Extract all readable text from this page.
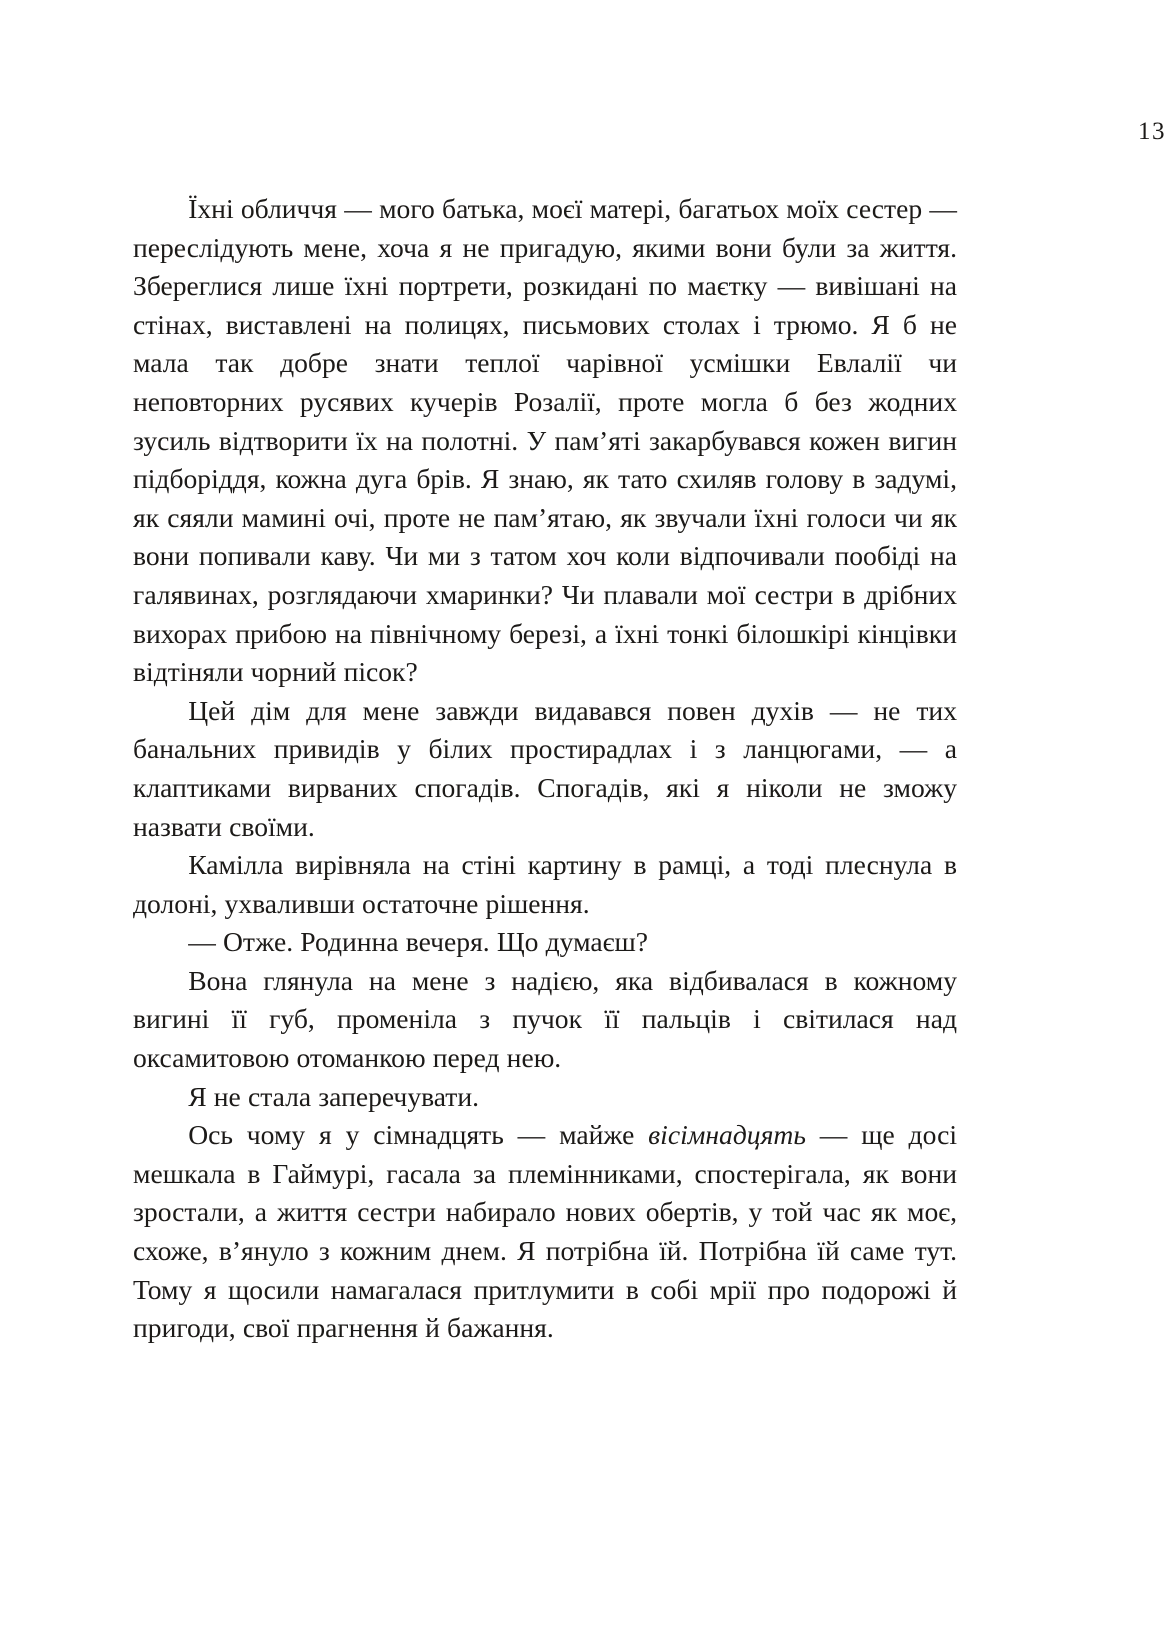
13

Їхні обличчя — мого батька, моєї матері, багатьох моїх сестер — переслідують мене, хоча я не пригадую, якими вони були за життя. Збереглися лише їхні портрети, розкидані по маєтку — вивішані на стінах, виставлені на полицях, письмових столах і трюмо. Я б не мала так добре знати теплої чарівної усмішки Евлалії чи неповторних русявих кучерів Розалії, проте могла б без жодних зусиль відтворити їх на полотні. У пам’яті закарбувався кожен вигин підборіддя, кожна дуга брів. Я знаю, як тато схиляв голову в задумі, як сяяли мамині очі, проте не пам’ятаю, як звучали їхні голоси чи як вони попивали каву. Чи ми з татом хоч коли відпочивали пообіді на галявинах, розглядаючи хмаринки? Чи плавали мої сестри в дрібних вихорах прибою на північному березі, а їхні тонкі білошкірі кінцівки відтіняли чорний пісок?

Цей дім для мене завжди видавався повен духів — не тих банальних привидів у білих простирадлах і з ланцюгами, — а клаптиками вирваних спогадів. Спогадів, які я ніколи не зможу назвати своїми.

Камілла вирівняла на стіні картину в рамці, а тоді плеснула в долоні, ухваливши остаточне рішення.

— Отже. Родинна вечеря. Що думаєш?

Вона глянула на мене з надією, яка відбивалася в кожному вигині її губ, променіла з пучок її пальців і світилася над оксамитовою отоманкою перед нею.

Я не стала заперечувати.

Ось чому я у сімнадцять — майже вісімнадцять — ще досі мешкала в Гаймурі, гасала за племінниками, спостерігала, як вони зростали, а життя сестри набирало нових обертів, у той час як моє, схоже, в’януло з кожним днем. Я потрібна їй. Потрібна їй саме тут. Тому я щосили намагалася притлумити в собі мрії про подорожі й пригоди, свої прагнення й бажання.
